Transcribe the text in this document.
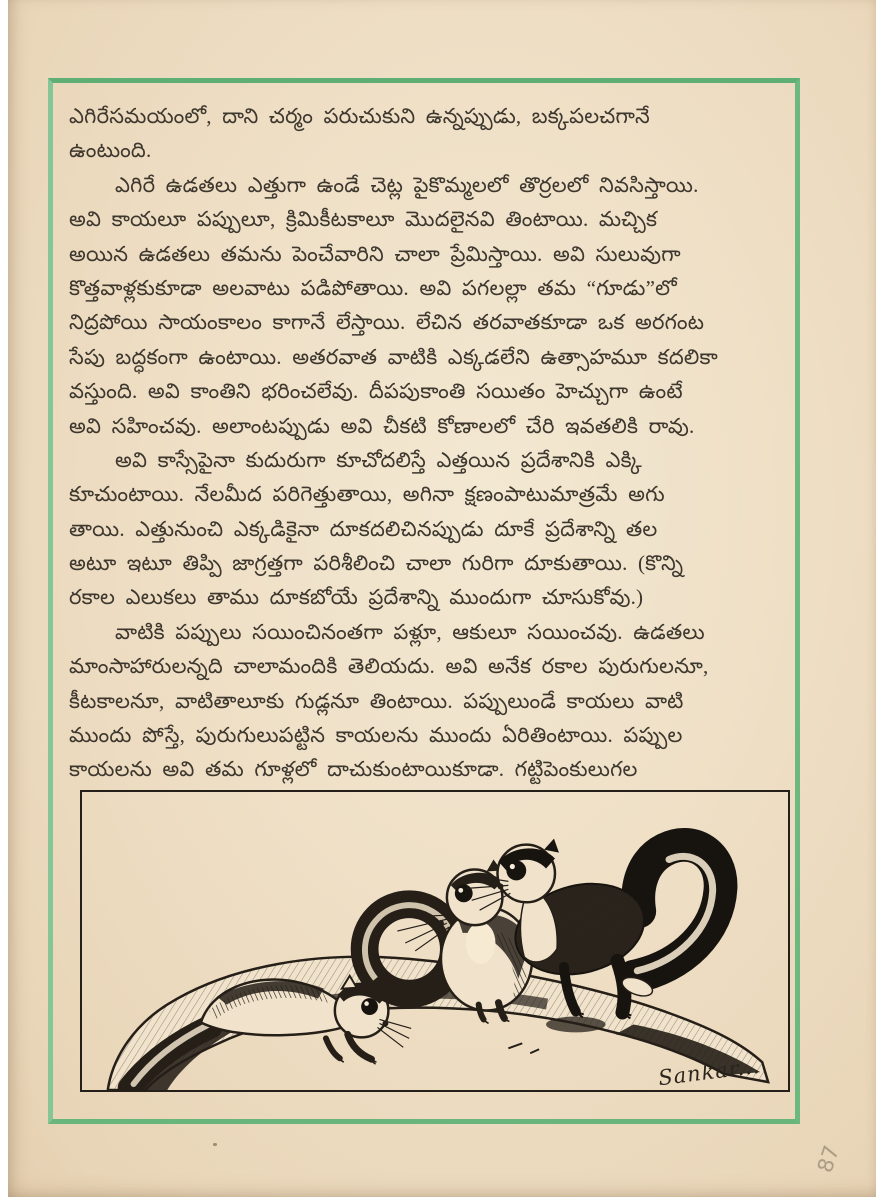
ఎగిరేసమయంలో, దాని చర్మం పరుచుకుని ఉన్నప్పుడు, బక్కపలచగానే
ఉంటుంది.
ఎగిరే ఉడతలు ఎత్తుగా ఉండే చెట్ల పైకొమ్మలలో తొర్రలలో నివసిస్తాయి.
అవి కాయలూ పప్పులూ, క్రిమికీటకాలూ మొదలైనవి తింటాయి. మచ్చిక
అయిన ఉడతలు తమను పెంచేవారిని చాలా ప్రేమిస్తాయి. అవి సులువుగా
కొత్తవాళ్లకుకూడా అలవాటు పడిపోతాయి. అవి పగలల్లా తమ “గూడు”లో
నిద్రపోయి సాయంకాలం కాగానే లేస్తాయి. లేచిన తరవాతకూడా ఒక అరగంట
సేపు బద్ధకంగా ఉంటాయి. అతరవాత వాటికి ఎక్కడలేని ఉత్సాహమూ కదలికా
వస్తుంది. అవి కాంతిని భరించలేవు. దీపపుకాంతి సయితం హెచ్చుగా ఉంటే
అవి సహించవు. అలాంటప్పుడు అవి చీకటి కోణాలలో చేరి ఇవతలికి రావు.
అవి కాస్సేపైనా కుదురుగా కూచోదలిస్తే ఎత్తయిన ప్రదేశానికి ఎక్కి
కూచుంటాయి. నేలమీద పరిగెత్తుతాయి, అగినా క్షణంపాటుమాత్రమే అగు
తాయి. ఎత్తునుంచి ఎక్కడికైనా దూకదలిచినప్పుడు దూకే ప్రదేశాన్ని తల
అటూ ఇటూ తిప్పి జాగ్రత్తగా పరిశీలించి చాలా గురిగా దూకుతాయి. (కొన్ని
రకాల ఎలుకలు తాము దూకబోయే ప్రదేశాన్ని ముందుగా చూసుకోవు.)
వాటికి పప్పులు సయించినంతగా పళ్లూ, ఆకులూ సయించవు. ఉడతలు
మాంసాహారులన్నది చాలామందికి తెలియదు. అవి అనేక రకాల పురుగులనూ,
కీటకాలనూ, వాటితాలూకు గుడ్లనూ తింటాయి. పప్పులుండే కాయలు వాటి
ముందు పోస్తే, పురుగులుపట్టిన కాయలను ముందు ఏరితింటాయి. పప్పుల
కాయలను అవి తమ గూళ్లలో దాచుకుంటాయికూడా. గట్టిపెంకులుగల
Sankar...
87
